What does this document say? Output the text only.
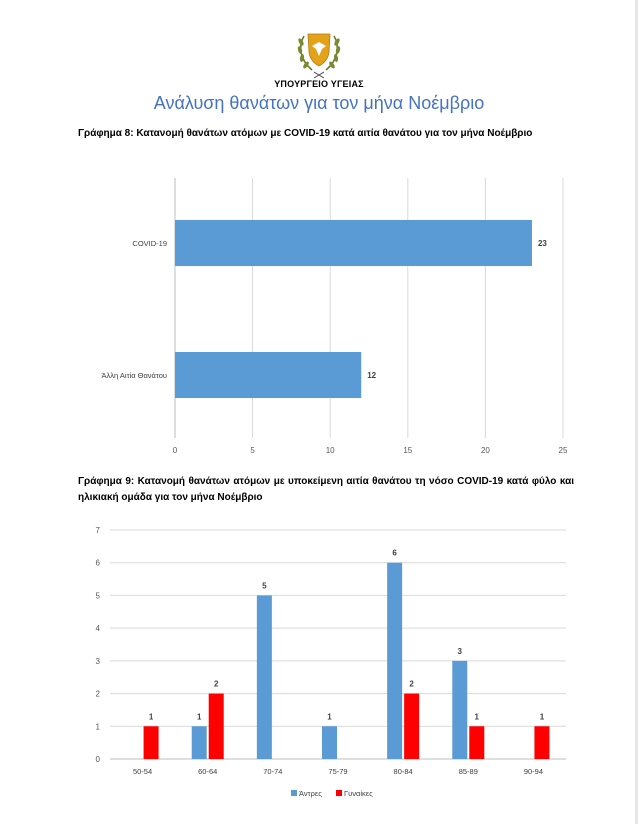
ΥΠΟΥΡΓΕΙΟ ΥΓΕΙΑΣ
Ανάλυση θανάτων για τον μήνα Νοέμβριο
Γράφημα 8: Κατανομή θανάτων ατόμων με COVID-19 κατά αιτία θανάτου για τον μήνα Νοέμβριο
0	5	10	15	20	25
COVID-19	23
Άλλη Αιτία Θανάτου	12
Γράφημα 9: Κατανομή θανάτων ατόμων με υποκείμενη αιτία θανάτου τη νόσο COVID-19 κατά φύλο και ηλικιακή ομάδα για τον μήνα Νοέμβριο
0
1
2
3
4
5
6
7
50-54
1
60-64
1
2
70-74
5
75-79
1
80-84
6
2
85-89
3
1
90-94
1
Άντρες	Γυναίκες
